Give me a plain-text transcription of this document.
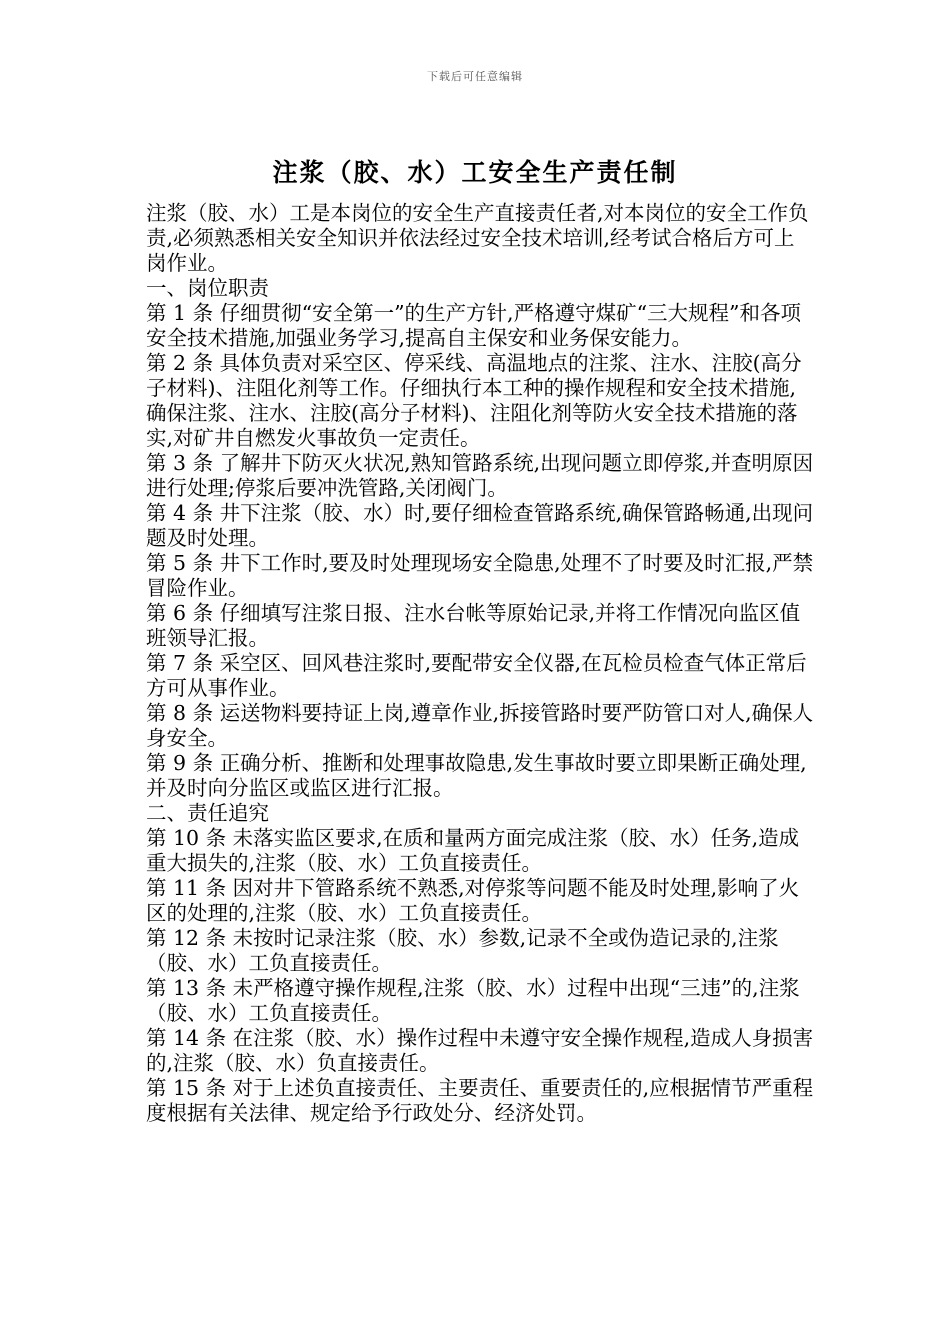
下载后可任意编辑
注浆（胶、水）工安全生产责任制

注浆（胶、水）工是本岗位的安全生产直接责任者,对本岗位的安全工作负责,必须熟悉相关安全知识并依法经过安全技术培训,经考试合格后方可上岗作业。

一、岗位职责

第 1 条 仔细贯彻“安全第一”的生产方针,严格遵守煤矿“三大规程”和各项安全技术措施,加强业务学习,提高自主保安和业务保安能力。

第 2 条 具体负责对采空区、停采线、高温地点的注浆、注水、注胶(高分子材料)、注阻化剂等工作。仔细执行本工种的操作规程和安全技术措施,确保注浆、注水、注胶(高分子材料)、注阻化剂等防火安全技术措施的落实,对矿井自燃发火事故负一定责任。

第 3 条 了解井下防灭火状况,熟知管路系统,出现问题立即停浆,并查明原因进行处理;停浆后要冲洗管路,关闭阀门。

第 4 条 井下注浆（胶、水）时,要仔细检查管路系统,确保管路畅通,出现问题及时处理。

第 5 条 井下工作时,要及时处理现场安全隐患,处理不了时要及时汇报,严禁冒险作业。

第 6 条 仔细填写注浆日报、注水台帐等原始记录,并将工作情况向监区值班领导汇报。

第 7 条 采空区、回风巷注浆时,要配带安全仪器,在瓦检员检查气体正常后方可从事作业。

第 8 条 运送物料要持证上岗,遵章作业,拆接管路时要严防管口对人,确保人身安全。

第 9 条 正确分析、推断和处理事故隐患,发生事故时要立即果断正确处理,并及时向分监区或监区进行汇报。

二、责任追究

第 10 条 未落实监区要求,在质和量两方面完成注浆（胶、水）任务,造成重大损失的,注浆（胶、水）工负直接责任。

第 11 条 因对井下管路系统不熟悉,对停浆等问题不能及时处理,影响了火区的处理的,注浆（胶、水）工负直接责任。

第 12 条 未按时记录注浆（胶、水）参数,记录不全或伪造记录的,注浆（胶、水）工负直接责任。

第 13 条 未严格遵守操作规程,注浆（胶、水）过程中出现“三违”的,注浆（胶、水）工负直接责任。

第 14 条 在注浆（胶、水）操作过程中未遵守安全操作规程,造成人身损害的,注浆（胶、水）负直接责任。

第 15 条 对于上述负直接责任、主要责任、重要责任的,应根据情节严重程度根据有关法律、规定给予行政处分、经济处罚。
